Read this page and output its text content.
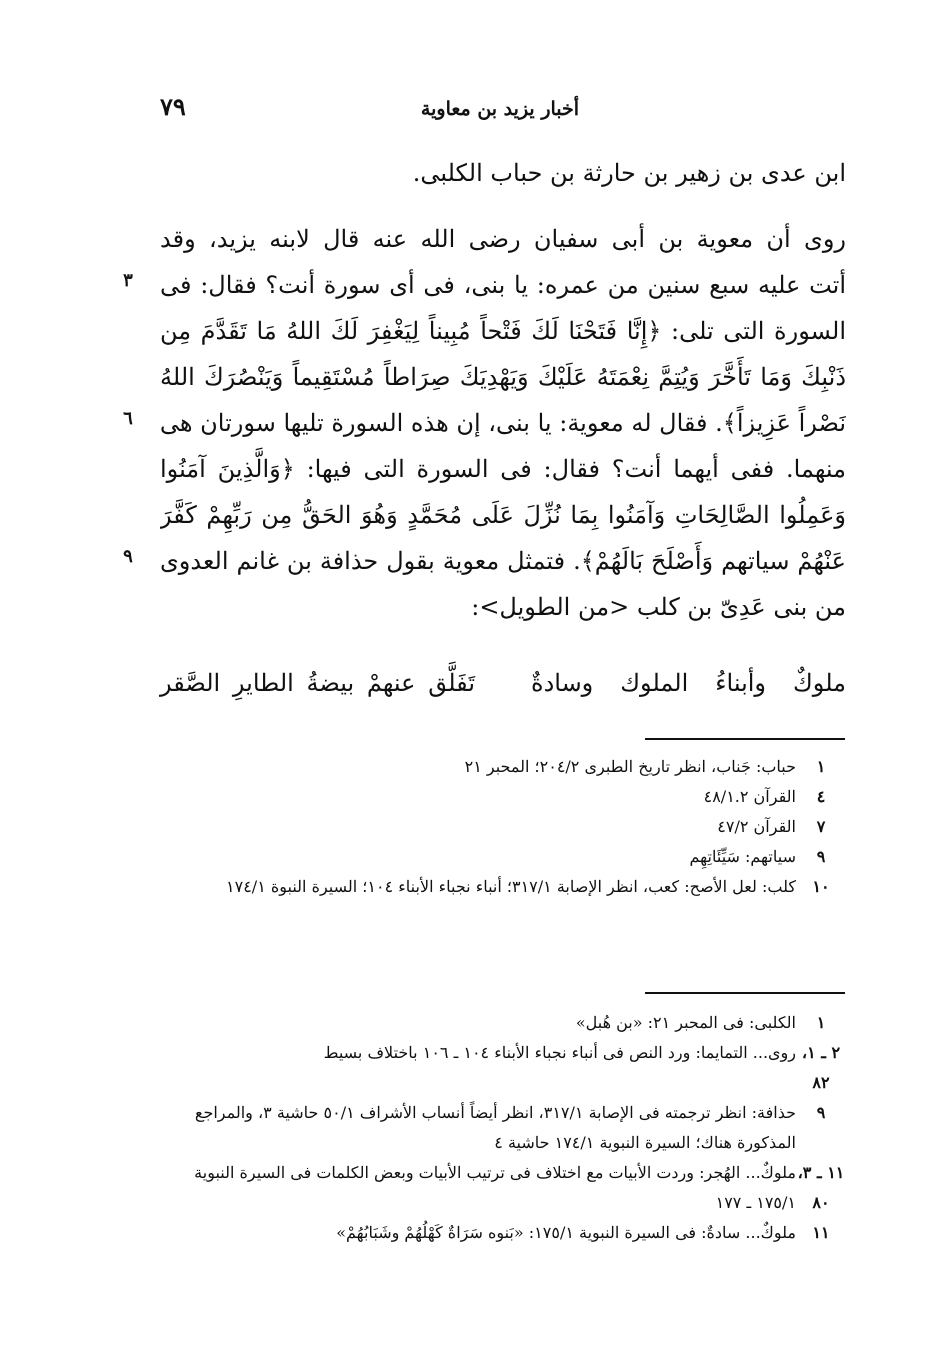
٧٩	أخبار يزيد بن معاوية
ابن عدى بن زهير بن حارثة بن حباب الكلبى.
روى أن معوية بن أبى سفيان رضى الله عنه قال لابنه يزيد، وقد
أتت عليه سبع سنين من عمره: يا بنى، فى أى سورة أنت؟ فقال: فى
السورة التى تلى: ﴿إِنَّا فَتَحْنَا لَكَ فَتْحاً مُبِيناً لِيَغْفِرَ لَكَ اللهُ مَا تَقَدَّمَ مِن
ذَنْبِكَ وَمَا تَأَخَّرَ وَيُتِمَّ نِعْمَتَهُ عَلَيْكَ وَيَهْدِيَكَ صِرَاطاً مُسْتَقِيماً وَيَنْصُرَكَ اللهُ
نَصْراً عَزِيزاً﴾. فقال له معوية: يا بنى، إن هذه السورة تليها سورتان هى
منهما. ففى أيهما أنت؟ فقال: فى السورة التى فيها: ﴿وَالَّذِينَ آمَنُوا
وَعَمِلُوا الصَّالِحَاتِ وَآمَنُوا بِمَا نُزِّلَ عَلَى مُحَمَّدٍ وَهُوَ الحَقُّ مِن رَبِّهِمْ كَفَّرَ
عَنْهُمْ سياتهم وَأَصْلَحَ بَالَهُمْ﴾. فتمثل معوية بقول حذافة بن غانم العدوى
من بنى عَدِىّ بن كلب <من الطويل>:
٣
٦
٩
ملوكٌ وأبناءُ الملوك وسادةٌ
تَفَلَّق عنهمْ بيضةُ الطايرِ الصَّقر
١
حباب: جَناب، انظر تاريخ الطبرى ٢٠٤/٢؛ المحبر ٢١
٤
القرآن ٤٨/١.٢
٧
القرآن ٤٧/٢
٩
سياتهم: سَيِّئَاتِهِم
١٠
كلب: لعل الأصح: كعب، انظر الإصابة ٣١٧/١؛ أنباء نجباء الأبناء ١٠٤؛ السيرة النبوة ١٧٤/١
١
الكلبى: فى المحبر ٢١: «بن هُبل»
٢ ـ ١، ٨٢
روى... التمايما: ورد النص فى أنباء نجباء الأبناء ١٠٤ ـ ١٠٦ باختلاف بسيط
٩
حذافة: انظر ترجمته فى الإصابة ٣١٧/١، انظر أيضاً أنساب الأشراف ٥٠/١ حاشية ٣، والمراجع المذكورة هناك؛ السيرة النبوية ١٧٤/١ حاشية ٤
١١ ـ ٣، ٨٠
ملوكٌ... الهُجر: وردت الأبيات مع اختلاف فى ترتيب الأبيات وبعض الكلمات فى السيرة النبوية ١٧٥/١ ـ ١٧٧
١١
ملوكٌ... سادةٌ: فى السيرة النبوية ١٧٥/١: «بَنوه سَرَاةٌ كَهْلُهُمْ وشَبَابُهُمْ»
